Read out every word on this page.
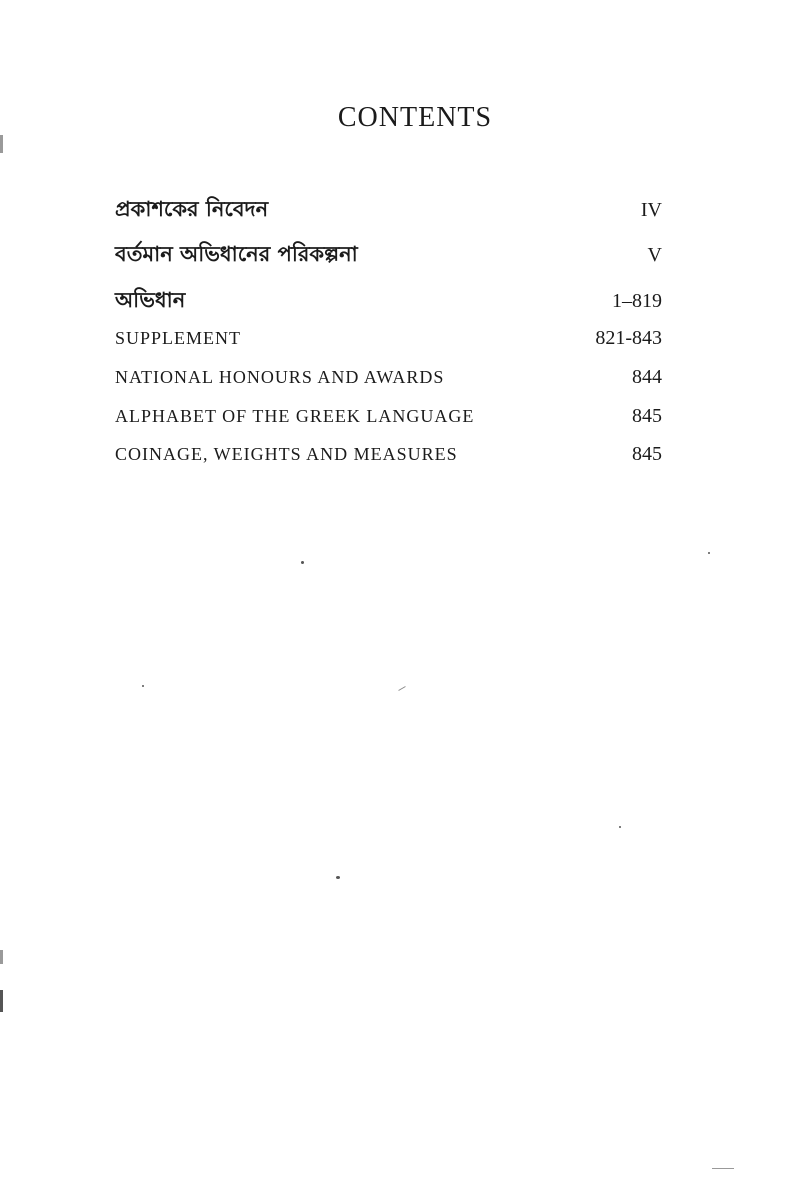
CONTENTS
প্রকাশকের নিবেদন	IV
বর্তমান অভিধানের পরিকল্পনা	V
অভিধান	1–819
SUPPLEMENT	821-843
NATIONAL HONOURS AND AWARDS	844
ALPHABET OF THE GREEK LANGUAGE	845
COINAGE, WEIGHTS AND MEASURES	845
